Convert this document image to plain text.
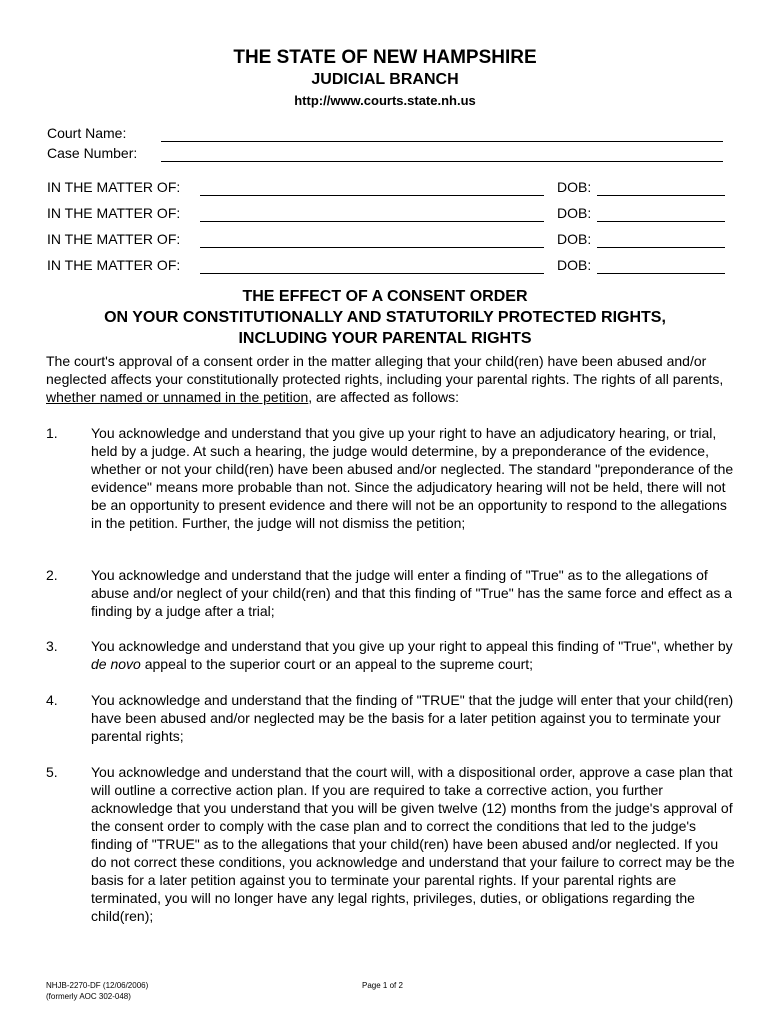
THE STATE OF NEW HAMPSHIRE
JUDICIAL BRANCH
http://www.courts.state.nh.us
Court Name:
Case Number:
IN THE MATTER OF:	DOB:
IN THE MATTER OF:	DOB:
IN THE MATTER OF:	DOB:
IN THE MATTER OF:	DOB:
THE EFFECT OF A CONSENT ORDER
ON YOUR CONSTITUTIONALLY AND STATUTORILY PROTECTED RIGHTS,
INCLUDING YOUR PARENTAL RIGHTS

The court's approval of a consent order in the matter alleging that your child(ren) have been abused and/or neglected affects your constitutionally protected rights, including your parental rights. The rights of all parents, whether named or unnamed in the petition, are affected as follows:

1. You acknowledge and understand that you give up your right to have an adjudicatory hearing, or trial, held by a judge. At such a hearing, the judge would determine, by a preponderance of the evidence, whether or not your child(ren) have been abused and/or neglected. The standard "preponderance of the evidence" means more probable than not. Since the adjudicatory hearing will not be held, there will not be an opportunity to present evidence and there will not be an opportunity to respond to the allegations in the petition. Further, the judge will not dismiss the petition;
2. You acknowledge and understand that the judge will enter a finding of "True" as to the allegations of abuse and/or neglect of your child(ren) and that this finding of "True" has the same force and effect as a finding by a judge after a trial;
3. You acknowledge and understand that you give up your right to appeal this finding of "True", whether by de novo appeal to the superior court or an appeal to the supreme court;
4. You acknowledge and understand that the finding of "TRUE" that the judge will enter that your child(ren) have been abused and/or neglected may be the basis for a later petition against you to terminate your parental rights;
5. You acknowledge and understand that the court will, with a dispositional order, approve a case plan that will outline a corrective action plan. If you are required to take a corrective action, you further acknowledge that you understand that you will be given twelve (12) months from the judge's approval of the consent order to comply with the case plan and to correct the conditions that led to the judge's finding of "TRUE" as to the allegations that your child(ren) have been abused and/or neglected. If you do not correct these conditions, you acknowledge and understand that your failure to correct may be the basis for a later petition against you to terminate your parental rights. If your parental rights are terminated, you will no longer have any legal rights, privileges, duties, or obligations regarding the child(ren);
NHJB-2270-DF (12/06/2006)
(formerly AOC 302-048)
Page 1 of 2
